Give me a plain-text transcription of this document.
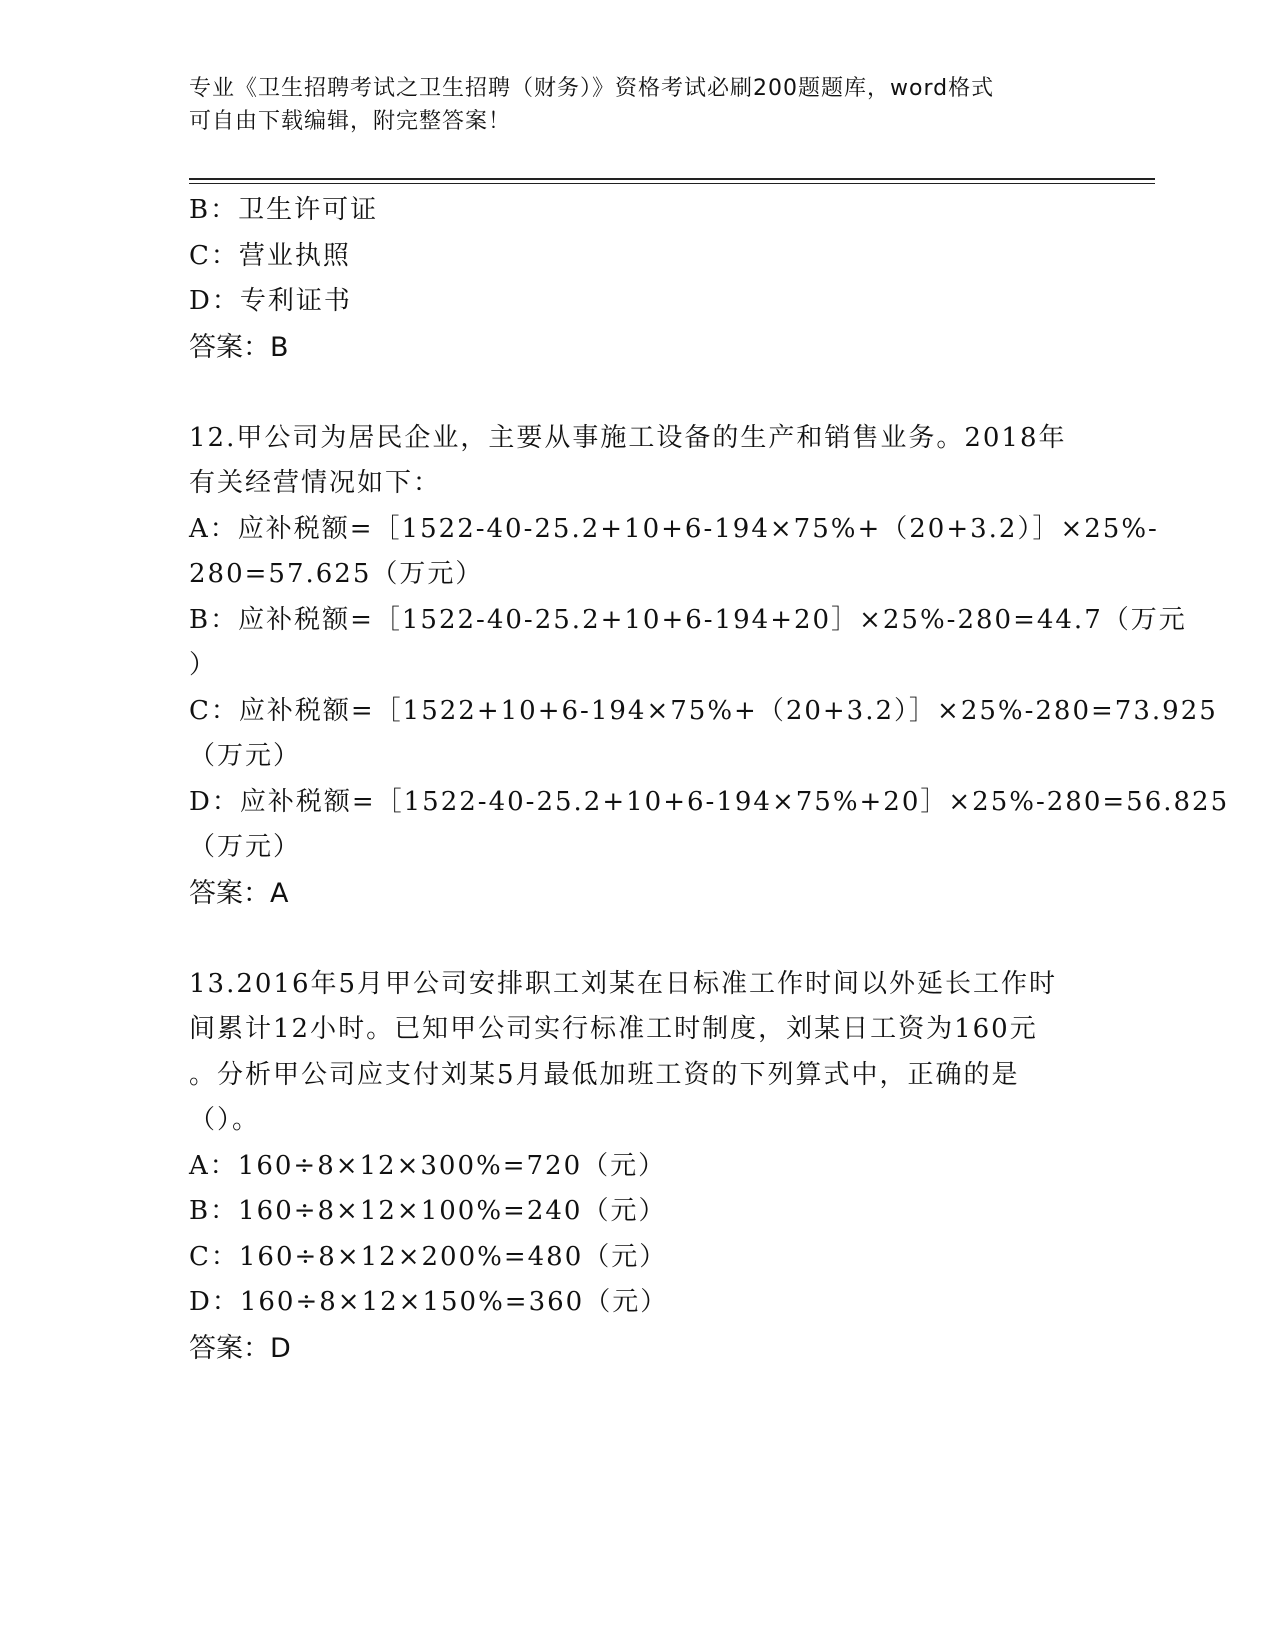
专业《卫生招聘考试之卫生招聘（财务）》资格考试必刷200题题库，word格式
可自由下载编辑，附完整答案！
B：卫生许可证
C：营业执照
D：专利证书
答案：B
12.甲公司为居民企业，主要从事施工设备的生产和销售业务。2018年
有关经营情况如下：
A：应补税额=［1522-40-25.2+10+6-194×75%+（20+3.2）］×25%-
280=57.625（万元）
B：应补税额=［1522-40-25.2+10+6-194+20］×25%-280=44.7（万元
）
C：应补税额=［1522+10+6-194×75%+（20+3.2）］×25%-280=73.925
（万元）
D：应补税额=［1522-40-25.2+10+6-194×75%+20］×25%-280=56.825
（万元）
答案：A
13.2016年5月甲公司安排职工刘某在日标准工作时间以外延长工作时
间累计12小时。已知甲公司实行标准工时制度，刘某日工资为160元
。分析甲公司应支付刘某5月最低加班工资的下列算式中，正确的是
（）。
A：160÷8×12×300%=720（元）
B：160÷8×12×100%=240（元）
C：160÷8×12×200%=480（元）
D：160÷8×12×150%=360（元）
答案：D
